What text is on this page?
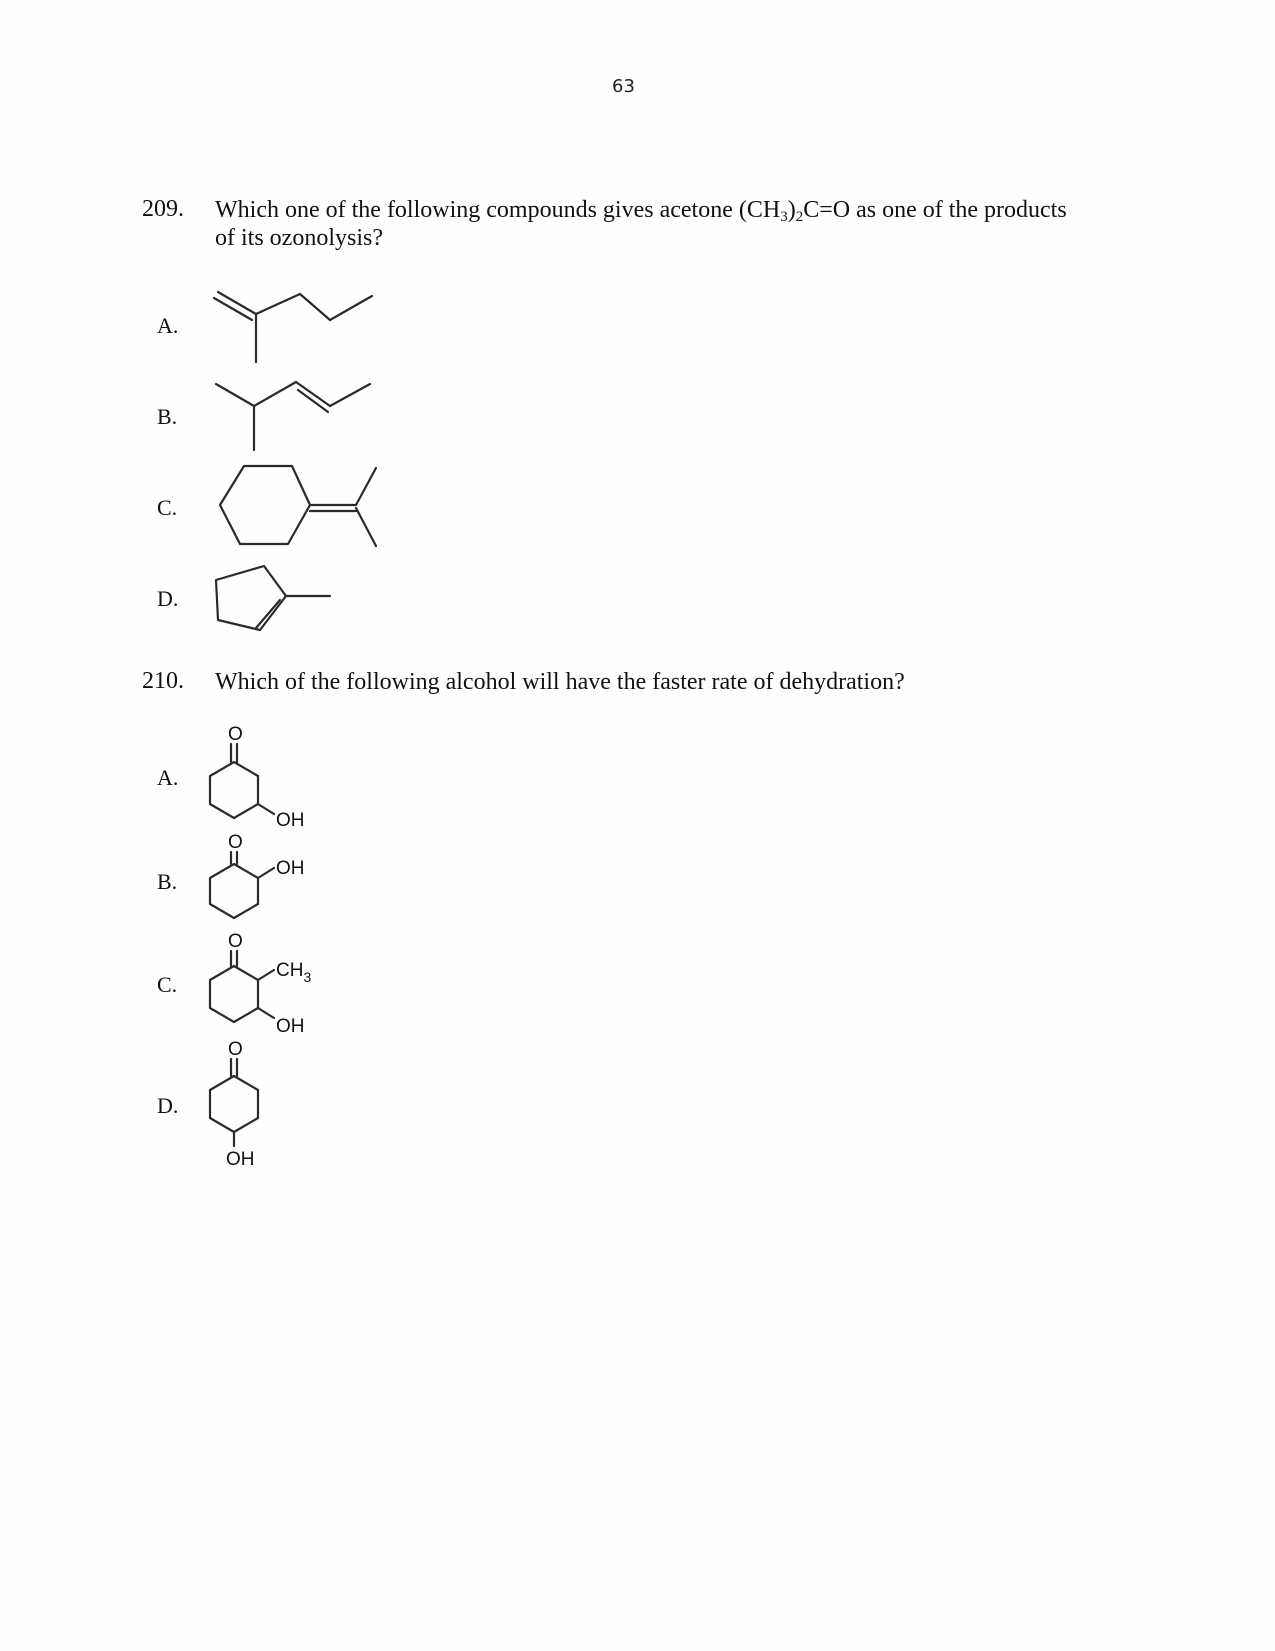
63
209. Which one of the following compounds gives acetone $(CH_3)_2C=O$ as one of the products
of its ozonolysis?
A.
B.
C.
D.
210. Which of the following alcohol will have the faster rate of dehydration?
A.
B.
C.
D.
O
OH
O
OH
O
$CH_3$
OH
O
OH
